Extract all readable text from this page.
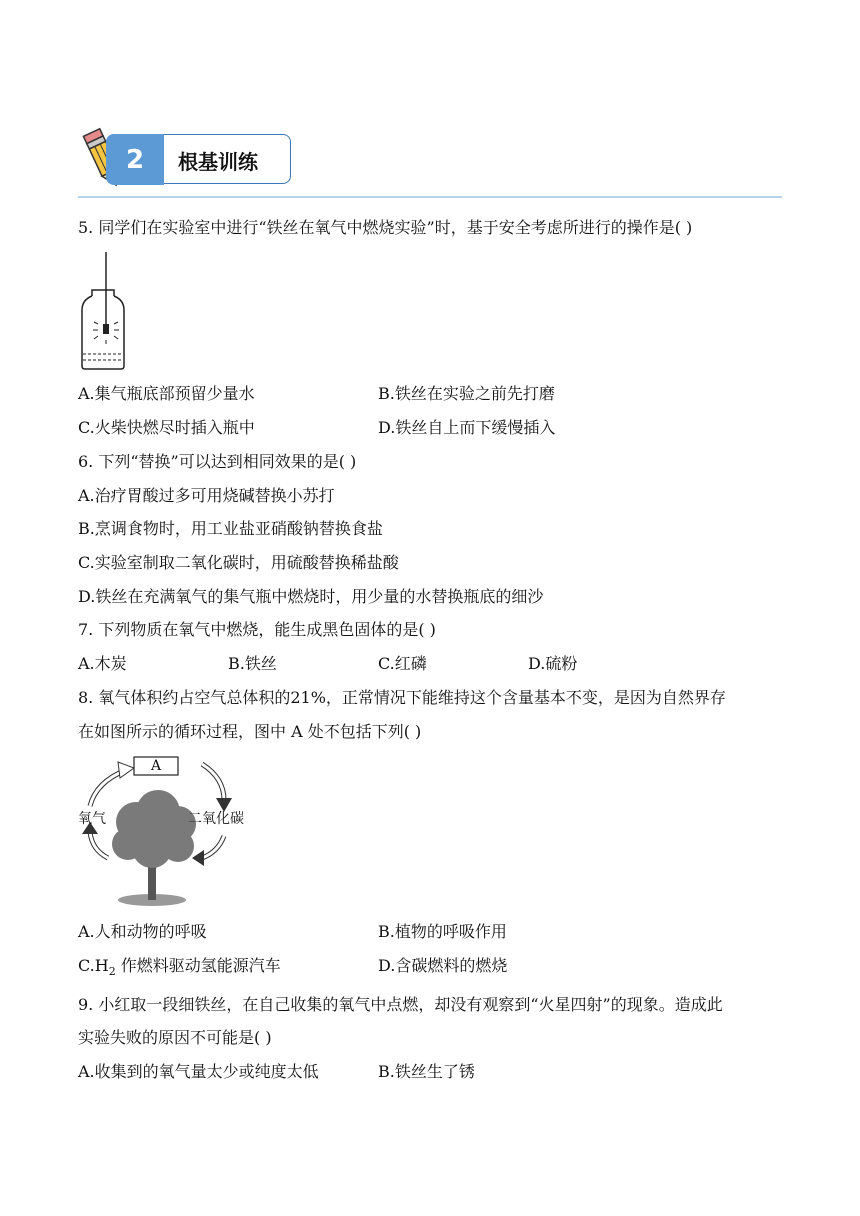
2	根基训练
5. 同学们在实验室中进行“铁丝在氧气中燃烧实验”时，基于安全考虑所进行的操作是( )
A.集气瓶底部预留少量水	B.铁丝在实验之前先打磨
C.火柴快燃尽时插入瓶中	D.铁丝自上而下缓慢插入
6. 下列“替换”可以达到相同效果的是( )
A.治疗胃酸过多可用烧碱替换小苏打
B.烹调食物时，用工业盐亚硝酸钠替换食盐
C.实验室制取二氧化碳时，用硫酸替换稀盐酸
D.铁丝在充满氧气的集气瓶中燃烧时，用少量的水替换瓶底的细沙
7. 下列物质在氧气中燃烧，能生成黑色固体的是( )
A.木炭	B.铁丝	C.红磷	D.硫粉
8. 氧气体积约占空气总体积的21%，正常情况下能维持这个含量基本不变，是因为自然界存
在如图所示的循环过程，图中 A 处不包括下列( )
A
氧气	二氧化碳
A.人和动物的呼吸	B.植物的呼吸作用
$C.H_2$ 作燃料驱动氢能源汽车	D.含碳燃料的燃烧
9. 小红取一段细铁丝，在自己收集的氧气中点燃，却没有观察到“火星四射”的现象。造成此
实验失败的原因不可能是( )
A.收集到的氧气量太少或纯度太低	B.铁丝生了锈
